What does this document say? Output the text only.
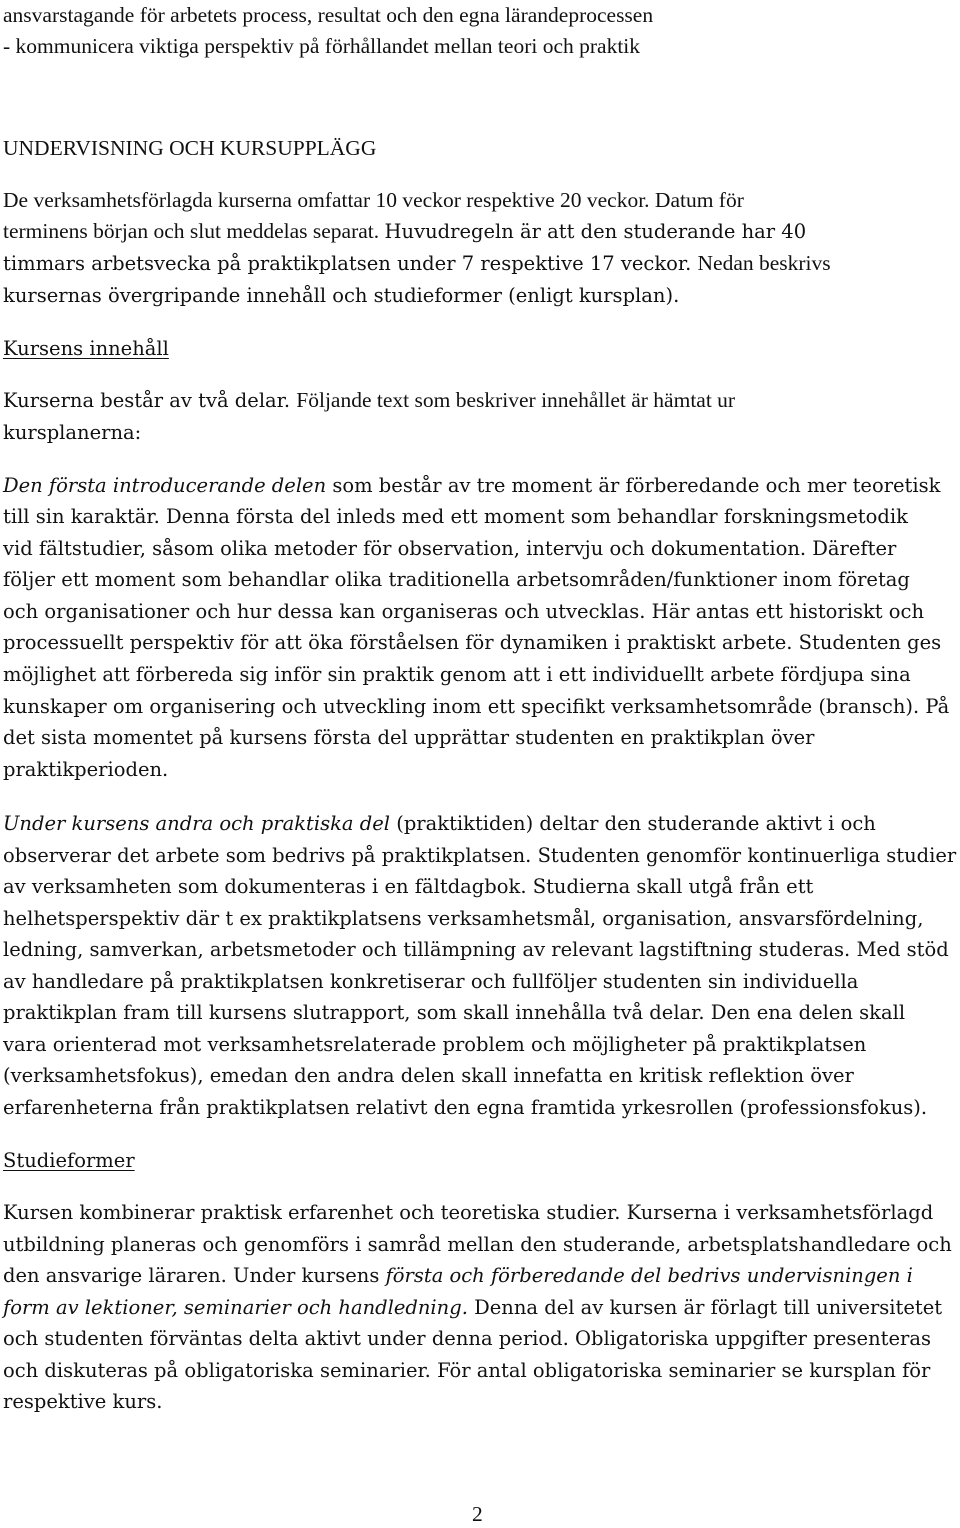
ansvarstagande för arbetets process, resultat och den egna lärandeprocessen
- kommunicera viktiga perspektiv på förhållandet mellan teori och praktik
UNDERVISNING OCH KURSUPPLÄGG
De verksamhetsförlagda kurserna omfattar 10 veckor respektive 20 veckor. Datum för
terminens början och slut meddelas separat. Huvudregeln är att den studerande har 40
timmars arbetsvecka på praktikplatsen under 7 respektive 17 veckor. Nedan beskrivs
kursernas övergripande innehåll och studieformer (enligt kursplan).
Kursens innehåll
Kurserna består av två delar. Följande text som beskriver innehållet är hämtat ur
kursplanerna:
Den första introducerande delen som består av tre moment är förberedande och mer teoretisk
till sin karaktär. Denna första del inleds med ett moment som behandlar forskningsmetodik
vid fältstudier, såsom olika metoder för observation, intervju och dokumentation. Därefter
följer ett moment som behandlar olika traditionella arbetsområden/funktioner inom företag
och organisationer och hur dessa kan organiseras och utvecklas. Här antas ett historiskt och
processuellt perspektiv för att öka förståelsen för dynamiken i praktiskt arbete. Studenten ges
möjlighet att förbereda sig inför sin praktik genom att i ett individuellt arbete fördjupa sina
kunskaper om organisering och utveckling inom ett specifikt verksamhetsområde (bransch). På
det sista momentet på kursens första del upprättar studenten en praktikplan över
praktikperioden.
Under kursens andra och praktiska del (praktiktiden) deltar den studerande aktivt i och
observerar det arbete som bedrivs på praktikplatsen. Studenten genomför kontinuerliga studier
av verksamheten som dokumenteras i en fältdagbok. Studierna skall utgå från ett
helhetsperspektiv där t ex praktikplatsens verksamhetsmål, organisation, ansvarsfördelning,
ledning, samverkan, arbetsmetoder och tillämpning av relevant lagstiftning studeras. Med stöd
av handledare på praktikplatsen konkretiserar och fullföljer studenten sin individuella
praktikplan fram till kursens slutrapport, som skall innehålla två delar. Den ena delen skall
vara orienterad mot verksamhetsrelaterade problem och möjligheter på praktikplatsen
(verksamhetsfokus), emedan den andra delen skall innefatta en kritisk reflektion över
erfarenheterna från praktikplatsen relativt den egna framtida yrkesrollen (professionsfokus).
Studieformer
Kursen kombinerar praktisk erfarenhet och teoretiska studier. Kurserna i verksamhetsförlagd
utbildning planeras och genomförs i samråd mellan den studerande, arbetsplatshandledare och
den ansvarige läraren. Under kursens första och förberedande del bedrivs undervisningen i
form av lektioner, seminarier och handledning. Denna del av kursen är förlagt till universitetet
och studenten förväntas delta aktivt under denna period. Obligatoriska uppgifter presenteras
och diskuteras på obligatoriska seminarier. För antal obligatoriska seminarier se kursplan för
respektive kurs.
2
